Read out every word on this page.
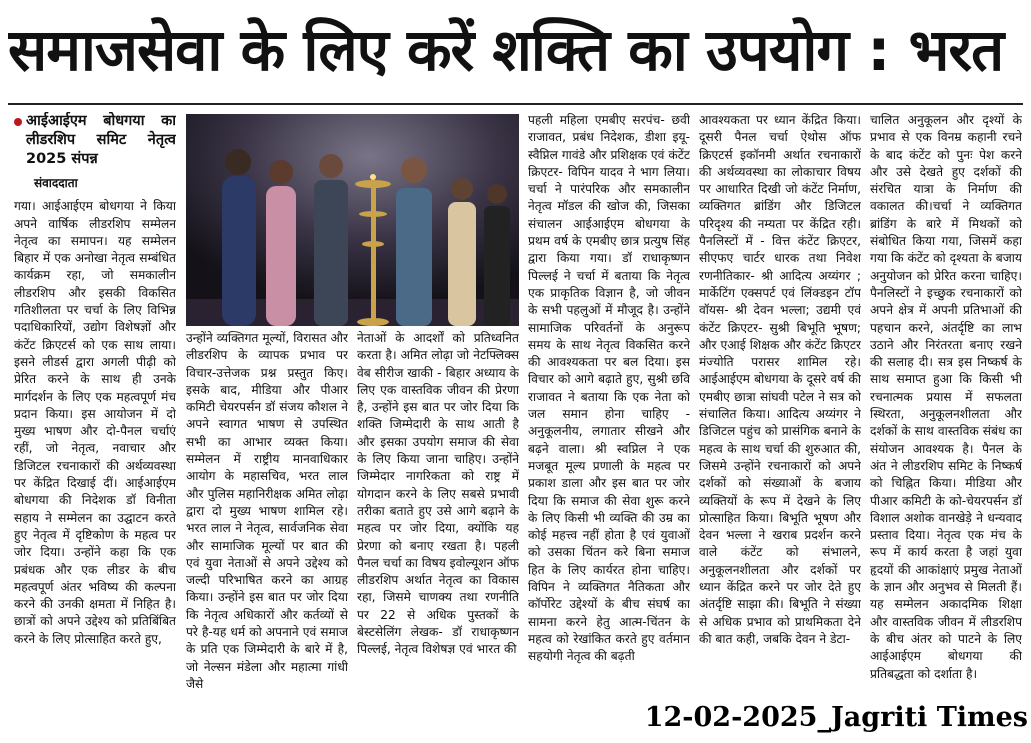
समाजसेवा के लिए करें शक्ति का उपयोग : भरत
आईआईएम बोधगया का लीडरशिप समिट नेतृत्व 2025 संपन्न
संवाददाता

गया। आईआईएम बोधगया ने किया अपने वार्षिक लीडरशिप सम्मेलन नेतृत्व का समापन। यह सम्मेलन बिहार में एक अनोखा नेतृत्व सम्बंधित कार्यक्रम रहा, जो समकालीन लीडरशिप और इसकी विकसित गतिशीलता पर चर्चा के लिए विभिन्न पदाधिकारियों, उद्योग विशेषज्ञों और कंटेंट क्रिएटर्स को एक साथ लाया। इसने लीडर्स द्वारा अगली पीढ़ी को प्रेरित करने के साथ ही उनके मार्गदर्शन के लिए एक महत्वपूर्ण मंच प्रदान किया। इस आयोजन में दो मुख्य भाषण और दो-पैनल चर्चाएं रहीं, जो नेतृत्व, नवाचार और डिजिटल रचनाकारों की अर्थव्यवस्था पर केंद्रित दिखाई दीं। आईआईएम बोधगया की निदेशक डॉ विनीता सहाय ने सम्मेलन का उद्घाटन करते हुए नेतृत्व में दृष्टिकोण के महत्व पर जोर दिया। उन्होंने कहा कि एक प्रबंधक और एक लीडर के बीच महत्वपूर्ण अंतर भविष्य की कल्पना करने की उनकी क्षमता में निहित है। छात्रों को अपने उद्देश्य को प्रतिबिंबित करने के लिए प्रोत्साहित करते हुए,

उन्होंने व्यक्तिगत मूल्यों, विरासत और लीडरशिप के व्यापक प्रभाव पर विचार-उत्तेजक प्रश्न प्रस्तुत किए। इसके बाद, मीडिया और पीआर कमिटी चेयरपर्सन डॉ संजय कौशल ने अपने स्वागत भाषण से उपस्थित सभी का आभार व्यक्त किया। सम्मेलन में राष्ट्रीय मानवाधिकार आयोग के महासचिव, भरत लाल और पुलिस महानिरीक्षक अमित लोढ़ा द्वारा दो मुख्य भाषण शामिल रहे। भरत लाल ने नेतृत्व, सार्वजनिक सेवा और सामाजिक मूल्यों पर बात की एवं युवा नेताओं से अपने उद्देश्य को जल्दी परिभाषित करने का आग्रह किया। उन्होंने इस बात पर जोर दिया कि नेतृत्व अधिकारों और कर्तव्यों से परे है-यह धर्म को अपनाने एवं समाज के प्रति एक जिम्मेदारी के बारे में है, जो नेल्सन मंडेला और महात्मा गांधी जैसे

नेताओं के आदर्शों को प्रतिध्वनित करता है। अमित लोढ़ा जो नेटफ्लिक्स वेब सीरीज खाकी - बिहार अध्याय के लिए एक वास्तविक जीवन की प्रेरणा है, उन्होंने इस बात पर जोर दिया कि शक्ति जिम्मेदारी के साथ आती है और इसका उपयोग समाज की सेवा के लिए किया जाना चाहिए। उन्होंने जिम्मेदार नागरिकता को राष्ट्र में योगदान करने के लिए सबसे प्रभावी तरीका बताते हुए उसे आगे बढ़ाने के महत्व पर जोर दिया, क्योंकि यह प्रेरणा को बनाए रखता है। पहली पैनल चर्चा का विषय इवोल्यूशन ऑफ लीडरशिप अर्थात नेतृत्व का विकास रहा, जिसमे चाणक्य तथा रणनीति पर 22 से अधिक पुस्तकों के बेस्टसेलिंग लेखक- डॉ राधाकृष्णन पिल्लई, नेतृत्व विशेषज्ञ एवं भारत की

पहली महिला एमबीए सरपंच- छवी राजावत, प्रबंध निदेशक, डीशा इयू-स्वैप्निल गावंडे और प्रशिक्षक एवं कंटेंट क्रिएटर- विपिन यादव ने भाग लिया। चर्चा ने पारंपरिक और समकालीन नेतृत्व मॉडल की खोज की, जिसका संचालन आईआईएम बोधगया के प्रथम वर्ष के एमबीए छात्र प्रत्युष सिंह द्वारा किया गया। डॉ राधाकृष्णन पिल्लई ने चर्चा में बताया कि नेतृत्व एक प्राकृतिक विज्ञान है, जो जीवन के सभी पहलुओं में मौजूद है। उन्होंने सामाजिक परिवर्तनों के अनुरूप समय के साथ नेतृत्व विकसित करने की आवश्यकता पर बल दिया। इस विचार को आगे बढ़ाते हुए, सुश्री छवि राजावत ने बताया कि एक नेता को जल समान होना चाहिए - अनुकूलनीय, लगातार सीखने और बढ़ने वाला। श्री स्वप्निल ने एक मजबूत मूल्य प्रणाली के महत्व पर प्रकाश डाला और इस बात पर जोर दिया कि समाज की सेवा शुरू करने के लिए किसी भी व्यक्ति की उम्र का कोई महत्त्व नहीं होता है एवं युवाओं को उसका चिंतन करे बिना समाज हित के लिए कार्यरत होना चाहिए। विपिन ने व्यक्तिगत नैतिकता और कॉर्पोरेट उद्देश्यों के बीच संघर्ष का सामना करने हेतु आत्म-चिंतन के महत्व को रेखांकित करते हुए वर्तमान सहयोगी नेतृत्व की बढ़ती

आवश्यकता पर ध्यान केंद्रित किया।दूसरी पैनल चर्चा ऐथोस ऑफ क्रिएटर्स इकॉनमी अर्थात रचनाकारों की अर्थव्यवस्था का लोकाचार विषय पर आधारित दिखी जो कंटेंट निर्माण, व्यक्तिगत ब्रांडिंग और डिजिटल परिदृश्य की नम्यता पर केंद्रित रही। पैनलिस्टों में - वित्त कंटेंट क्रिएटर, सीएफए चार्टर धारक तथा निवेश रणनीतिकार- श्री आदित्य अय्यंगर ; मार्केटिंग एक्सपर्ट एवं लिंक्डइन टॉप वॉयस- श्री देवन भल्ला; उद्यमी एवं कंटेंट क्रिएटर- सुश्री बिभूति भूषण; और एआई शिक्षक और कंटेंट क्रिएटर मंज्योति परासर शामिल रहे। आईआईएम बोधगया के दूसरे वर्ष की एमबीए छात्रा सांघवी पटेल ने सत्र को संचालित किया। आदित्य अय्यंगर ने डिजिटल पहुंच को प्रासंगिक बनाने के महत्व के साथ चर्चा की शुरुआत की, जिसमे उन्होंने रचनाकारों को अपने दर्शकों को संख्याओं के बजाय व्यक्तियों के रूप में देखने के लिए प्रोत्साहित किया। बिभूति भूषण और देवन भल्ला ने खराब प्रदर्शन करने वाले कंटेंट को संभालने, अनुकूलनशीलता और दर्शकों पर ध्यान केंद्रित करने पर जोर देते हुए अंतर्दृष्टि साझा की। बिभूति ने संख्या से अधिक प्रभाव को प्राथमिकता देने की बात कही, जबकि देवन ने डेटा-

चालित अनुकूलन और दृश्यों के प्रभाव से एक विनम्र कहानी रचने के बाद कंटेंट को पुनः पेश करने और उसे देखते हुए दर्शकों की संरचित यात्रा के निर्माण की वकालत की।चर्चा ने व्यक्तिगत ब्रांडिंग के बारे में मिथकों को संबोधित किया गया, जिसमें कहा गया कि कंटेंट को दृश्यता के बजाय अनुयोजन को प्रेरित करना चाहिए। पैनलिस्टों ने इच्छुक रचनाकारों को अपने क्षेत्र में अपनी प्रतिभाओं की पहचान करने, अंतर्दृष्टि का लाभ उठाने और निरंतरता बनाए रखने की सलाह दी। सत्र इस निष्कर्ष के साथ समाप्त हुआ कि किसी भी रचनात्मक प्रयास में सफलता स्थिरता, अनुकूलनशीलता और दर्शकों के साथ वास्तविक संबंध का संयोजन आवश्यक है। पैनल के अंत ने लीडरशिप समिट के निष्कर्ष को चिह्नित किया। मीडिया और पीआर कमिटी के को-चेयरपर्सन डॉ विशाल अशोक वानखेड़े ने धन्यवाद प्रस्ताव दिया। नेतृत्व एक मंच के रूप में कार्य करता है जहां युवा हृदयों की आकांक्षाएं प्रमुख नेताओं के ज्ञान और अनुभव से मिलती हैं। यह सम्मेलन अकादमिक शिक्षा और वास्तविक जीवन में लीडरशिप के बीच अंतर को पाटने के लिए आईआईएम बोधगया की प्रतिबद्धता को दर्शाता है।

12-02-2025_Jagriti Times
